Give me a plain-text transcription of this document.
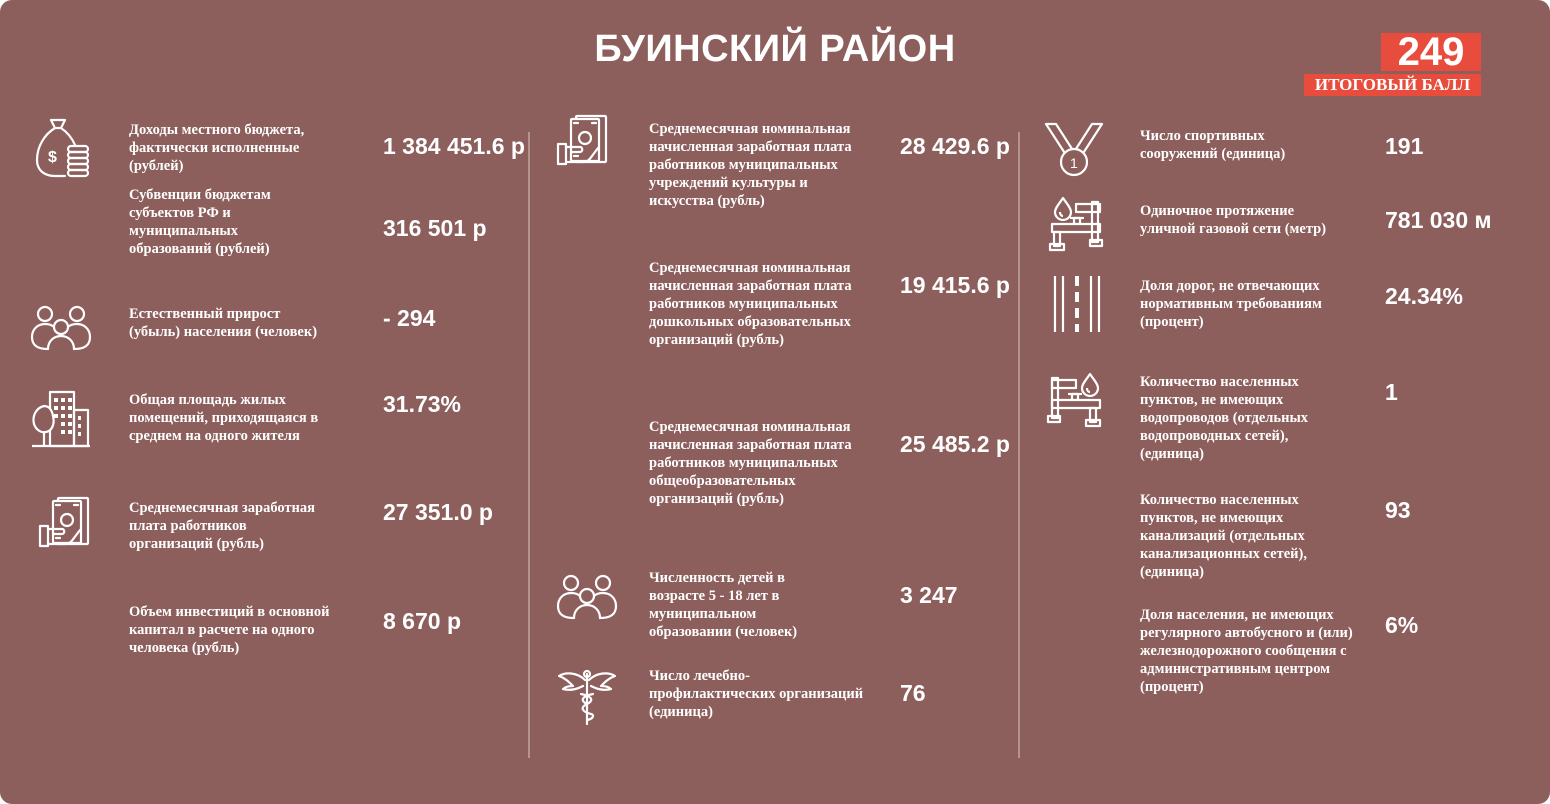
БУИНСКИЙ РАЙОН	249
ИТОГОВЫЙ БАЛЛ
$
Доходы местного бюджета, фактически исполненные (рублей)
1 384 451.6 р
Субвенции бюджетам субъектов РФ и муниципальных образований (рублей)
316 501 р
Естественный прирост (убыль) населения (человек)
- 294
Общая площадь жилых помещений, приходящаяся в среднем на одного жителя
31.73%
Среднемесячная заработная плата работников организаций (рубль)
27 351.0 р
Объем инвестиций в основной капитал в расчете на одного человека (рубль)
8 670 р
Среднемесячная номинальная начисленная заработная плата работников муниципальных учреждений культуры и искусства (рубль)
28 429.6 р
Среднемесячная номинальная начисленная заработная плата работников муниципальных дошкольных образовательных организаций (рубль)
19 415.6 р
Среднемесячная номинальная начисленная заработная плата работников муниципальных общеобразовательных организаций (рубль)
25 485.2 р
Численность детей в возрасте 5 - 18 лет в муниципальном образовании (человек)
3 247
Число лечебно-профилактических организаций (единица)
76
1
Число спортивных сооружений (единица)	191
Одиночное протяжение уличной газовой сети (метр)	781 030 м
Доля дорог, не отвечающих нормативным требованиям (процент)
24.34%
Количество населенных пунктов, не имеющих водопроводов (отдельных водопроводных сетей), (единица)
1
Количество населенных пунктов, не имеющих канализаций (отдельных канализационных сетей), (единица)
93
Доля населения, не имеющих регулярного автобусного и (или) железнодорожного сообщения с административным центром (процент)
6%
